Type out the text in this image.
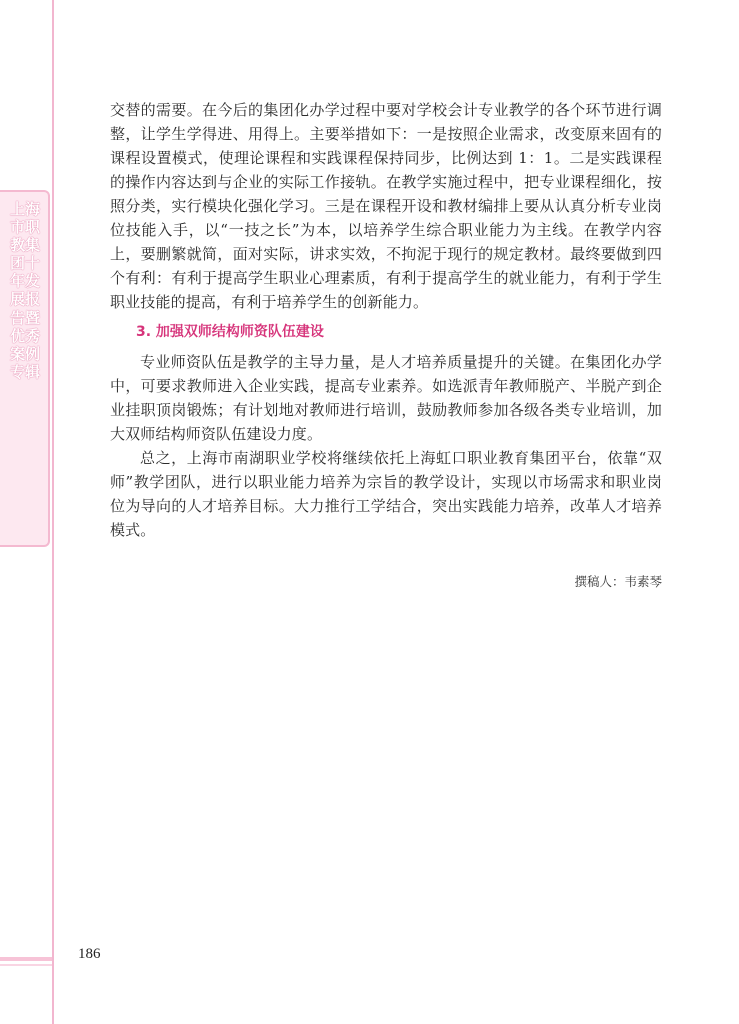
上海市职教集团十年发展报告暨优秀案例专辑

交替的需要。在今后的集团化办学过程中要对学校会计专业教学的各个环节进行调整，让学生学得进、用得上。主要举措如下：一是按照企业需求，改变原来固有的课程设置模式，使理论课程和实践课程保持同步，比例达到 1：1。二是实践课程的操作内容达到与企业的实际工作接轨。在教学实施过程中，把专业课程细化，按照分类，实行模块化强化学习。三是在课程开设和教材编排上要从认真分析专业岗位技能入手，以“一技之长”为本，以培养学生综合职业能力为主线。在教学内容上，要删繁就简，面对实际，讲求实效，不拘泥于现行的规定教材。最终要做到四个有利：有利于提高学生职业心理素质，有利于提高学生的就业能力，有利于学生职业技能的提高，有利于培养学生的创新能力。

3. 加强双师结构师资队伍建设

专业师资队伍是教学的主导力量，是人才培养质量提升的关键。在集团化办学中，可要求教师进入企业实践，提高专业素养。如选派青年教师脱产、半脱产到企业挂职顶岗锻炼；有计划地对教师进行培训，鼓励教师参加各级各类专业培训，加大双师结构师资队伍建设力度。

总之，上海市南湖职业学校将继续依托上海虹口职业教育集团平台，依靠“双师”教学团队，进行以职业能力培养为宗旨的教学设计，实现以市场需求和职业岗位为导向的人才培养目标。大力推行工学结合，突出实践能力培养，改革人才培养模式。

撰稿人：韦素琴

186
